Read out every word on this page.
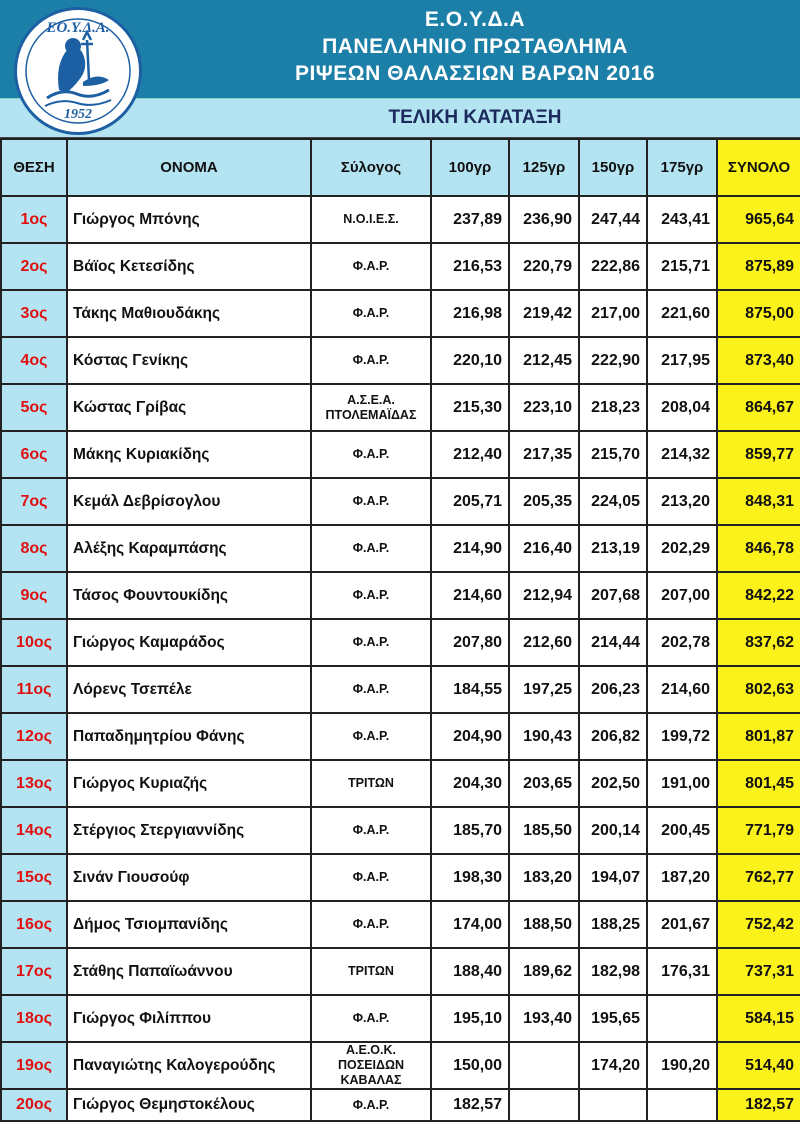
ΕΟ.Υ.Δ.Α.
1952
Ε.Ο.Υ.Δ.Α
ΠΑΝΕΛΛΗΝΙΟ ΠΡΩΤΑΘΛΗΜΑ
ΡΙΨΕΩΝ ΘΑΛΑΣΣΙΩΝ ΒΑΡΩΝ 2016
ΤΕΛΙΚΗ ΚΑΤΑΤΑΞΗ
ΘΕΣΗ	ΟΝΟΜΑ	Σύλογος	100γρ	125γρ	150γρ	175γρ	ΣΥΝΟΛΟ
1ος	Γιώργος Μπόνης	Ν.Ο.Ι.Ε.Σ.	237,89	236,90	247,44	243,41	965,64
2ος	Βάϊος Κετεσίδης	Φ.Α.Ρ.	216,53	220,79	222,86	215,71	875,89
3ος	Τάκης Μαθιουδάκης	Φ.Α.Ρ.	216,98	219,42	217,00	221,60	875,00
4ος	Κόστας Γενίκης	Φ.Α.Ρ.	220,10	212,45	222,90	217,95	873,40
5ος	Κώστας Γρίβας	Α.Σ.Ε.Α.
ΠΤΟΛΕΜΑΪΔΑΣ	215,30	223,10	218,23	208,04	864,67
6ος	Μάκης Κυριακίδης	Φ.Α.Ρ.	212,40	217,35	215,70	214,32	859,77
7ος	Κεμάλ Δεβρίσογλου	Φ.Α.Ρ.	205,71	205,35	224,05	213,20	848,31
8ος	Αλέξης Καραμπάσης	Φ.Α.Ρ.	214,90	216,40	213,19	202,29	846,78
9ος	Τάσος Φουντουκίδης	Φ.Α.Ρ.	214,60	212,94	207,68	207,00	842,22
10ος	Γιώργος Καμαράδος	Φ.Α.Ρ.	207,80	212,60	214,44	202,78	837,62
11ος	Λόρενς Τσεπέλε	Φ.Α.Ρ.	184,55	197,25	206,23	214,60	802,63
12ος	Παπαδημητρίου Φάνης	Φ.Α.Ρ.	204,90	190,43	206,82	199,72	801,87
13ος	Γιώργος Κυριαζής	ΤΡΙΤΩΝ	204,30	203,65	202,50	191,00	801,45
14ος	Στέργιος Στεργιαννίδης	Φ.Α.Ρ.	185,70	185,50	200,14	200,45	771,79
15ος	Σινάν Γιουσούφ	Φ.Α.Ρ.	198,30	183,20	194,07	187,20	762,77
16ος	Δήμος Τσιομπανίδης	Φ.Α.Ρ.	174,00	188,50	188,25	201,67	752,42
17ος	Στάθης Παπαϊωάννου	ΤΡΙΤΩΝ	188,40	189,62	182,98	176,31	737,31
18ος	Γιώργος Φιλίππου	Φ.Α.Ρ.	195,10	193,40	195,65		584,15
19ος	Παναγιώτης Καλογερούδης	Α.Ε.Ο.Κ.
ΠΟΣΕΙΔΩΝ
ΚΑΒΑΛΑΣ	150,00		174,20	190,20	514,40
20ος	Γιώργος Θεμηστοκέλους	Φ.Α.Ρ.	182,57				182,57
